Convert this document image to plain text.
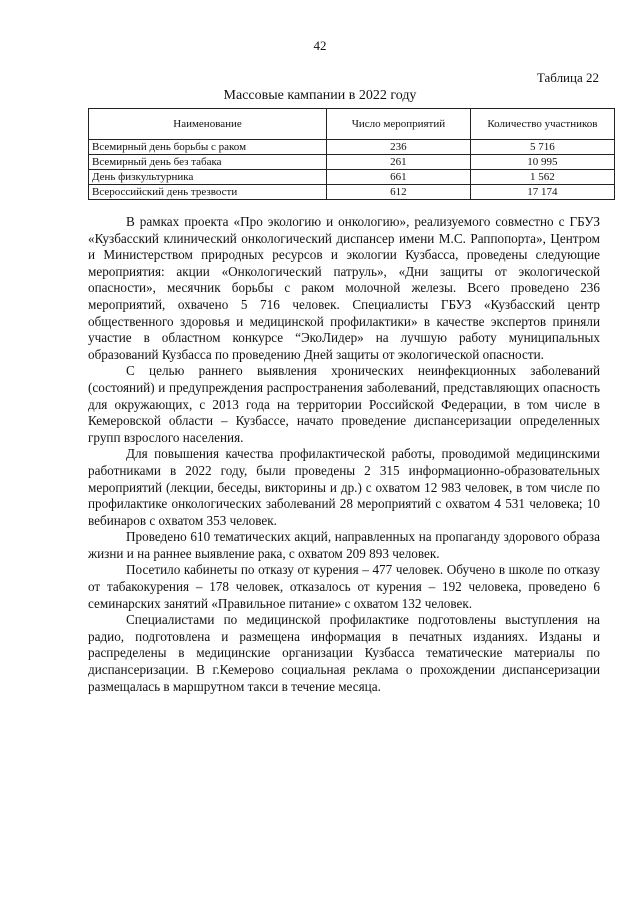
42
Таблица 22
Массовые кампании в 2022 году
Наименование	Число мероприятий	Количество участников
Всемирный день борьбы с раком	236	5 716
Всемирный день без табака	261	10 995
День физкультурника	661	1 562
Всероссийский день трезвости	612	17 174

В рамках проекта «Про экологию и онкологию», реализуемого совместно с ГБУЗ «Кузбасский клинический онкологический диспансер имени М.С. Раппопорта», Центром и Министерством природных ресурсов и экологии Кузбасса, проведены следующие мероприятия: акции «Онкологический патруль», «Дни защиты от экологической опасности», месячник борьбы с раком молочной железы. Всего проведено 236 мероприятий, охвачено 5 716 человек. Специалисты ГБУЗ «Кузбасский центр общественного здоровья и медицинской профилактики» в качестве экспертов приняли участие в областном конкурсе “ЭкоЛидер» на лучшую работу муниципальных образований Кузбасса по проведению Дней защиты от экологической опасности.

С целью раннего выявления хронических неинфекционных заболеваний (состояний) и предупреждения распространения заболеваний, представляющих опасность для окружающих, с 2013 года на территории Российской Федерации, в том числе в Кемеровской области – Кузбассе, начато проведение диспансеризации определенных групп взрослого населения.

Для повышения качества профилактической работы, проводимой медицинскими работниками в 2022 году, были проведены 2 315 информационно-образовательных мероприятий (лекции, беседы, викторины и др.) с охватом 12 983 человек, в том числе по профилактике онкологических заболеваний 28 мероприятий с охватом 4 531 человека; 10 вебинаров с охватом 353 человек.

Проведено 610 тематических акций, направленных на пропаганду здорового образа жизни и на раннее выявление рака, с охватом 209 893 человек.

Посетило кабинеты по отказу от курения – 477 человек. Обучено в школе по отказу от табакокурения – 178 человек, отказалось от курения – 192 человека, проведено 6 семинарских занятий «Правильное питание» с охватом 132 человек.

Специалистами по медицинской профилактике подготовлены выступления на радио, подготовлена и размещена информация в печатных изданиях. Изданы и распределены в медицинские организации Кузбасса тематические материалы по диспансеризации. В г.Кемерово социальная реклама о прохождении диспансеризации размещалась в маршрутном такси в течение месяца.
